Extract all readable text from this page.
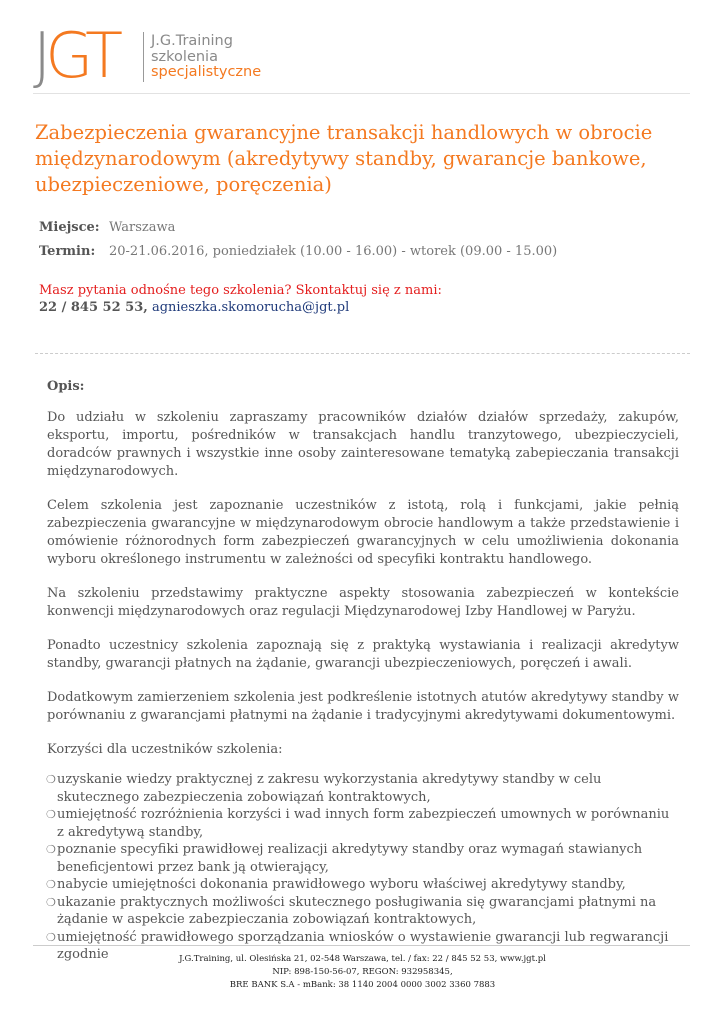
JGT J.G.Training
szkolenia
specjalistyczne
Zabezpieczenia gwarancyjne transakcji handlowych w obrocie międzynarodowym (akredytywy standby, gwarancje bankowe, ubezpieczeniowe, poręczenia)
Miejsce: Warszawa
Termin: 20-21.06.2016, poniedziałek (10.00 - 16.00) - wtorek (09.00 - 15.00)
Masz pytania odnośne tego szkolenia? Skontaktuj się z nami:
22 / 845 52 53, agnieszka.skomorucha@jgt.pl
Opis:

Do udziału w szkoleniu zapraszamy pracowników działów działów sprzedaży, zakupów, eksportu, importu, pośredników w transakcjach handlu tranzytowego, ubezpieczycieli, doradców prawnych i wszystkie inne osoby zainteresowane tematyką zabepieczania transakcji międzynarodowych.

Celem szkolenia jest zapoznanie uczestników z istotą, rolą i funkcjami, jakie pełnią zabezpieczenia gwarancyjne w międzynarodowym obrocie handlowym a także przedstawienie i omówienie różnorodnych form zabezpieczeń gwarancyjnych w celu umożliwienia dokonania wyboru określonego instrumentu w zależności od specyfiki kontraktu handlowego.

Na szkoleniu przedstawimy praktyczne aspekty stosowania zabezpieczeń w kontekście konwencji międzynarodowych oraz regulacji Międzynarodowej Izby Handlowej w Paryżu.

Ponadto uczestnicy szkolenia zapoznają się z praktyką wystawiania i realizacji akredytyw standby, gwarancji płatnych na żądanie, gwarancji ubezpieczeniowych, poręczeń i awali.

Dodatkowym zamierzeniem szkolenia jest podkreślenie istotnych atutów akredytywy standby w porównaniu z gwarancjami płatnymi na żądanie i tradycyjnymi akredytywami dokumentowymi.

Korzyści dla uczestników szkolenia:

❍ uzyskanie wiedzy praktycznej z zakresu wykorzystania akredytywy standby w celu skutecznego zabezpieczenia zobowiązań kontraktowych,
❍ umiejętność rozróżnienia korzyści i wad innych form zabezpieczeń umownych w porównaniu z akredytywą standby,
❍ poznanie specyfiki prawidłowej realizacji akredytywy standby oraz wymagań stawianych beneficjentowi przez bank ją otwierający,
❍ nabycie umiejętności dokonania prawidłowego wyboru właściwej akredytywy standby,
❍ ukazanie praktycznych możliwości skutecznego posługiwania się gwarancjami płatnymi na żądanie w aspekcie zabezpieczania zobowiązań kontraktowych,
❍ umiejętność prawidłowego sporządzania wniosków o wystawienie gwarancji lub regwarancji zgodnie	J.G.Training, ul. Olesińska 21, 02-548 Warszawa, tel. / fax: 22 / 845 52 53, www.jgt.pl
NIP: 898-150-56-07, REGON: 932958345,
BRE BANK S.A - mBank: 38 1140 2004 0000 3002 3360 7883
